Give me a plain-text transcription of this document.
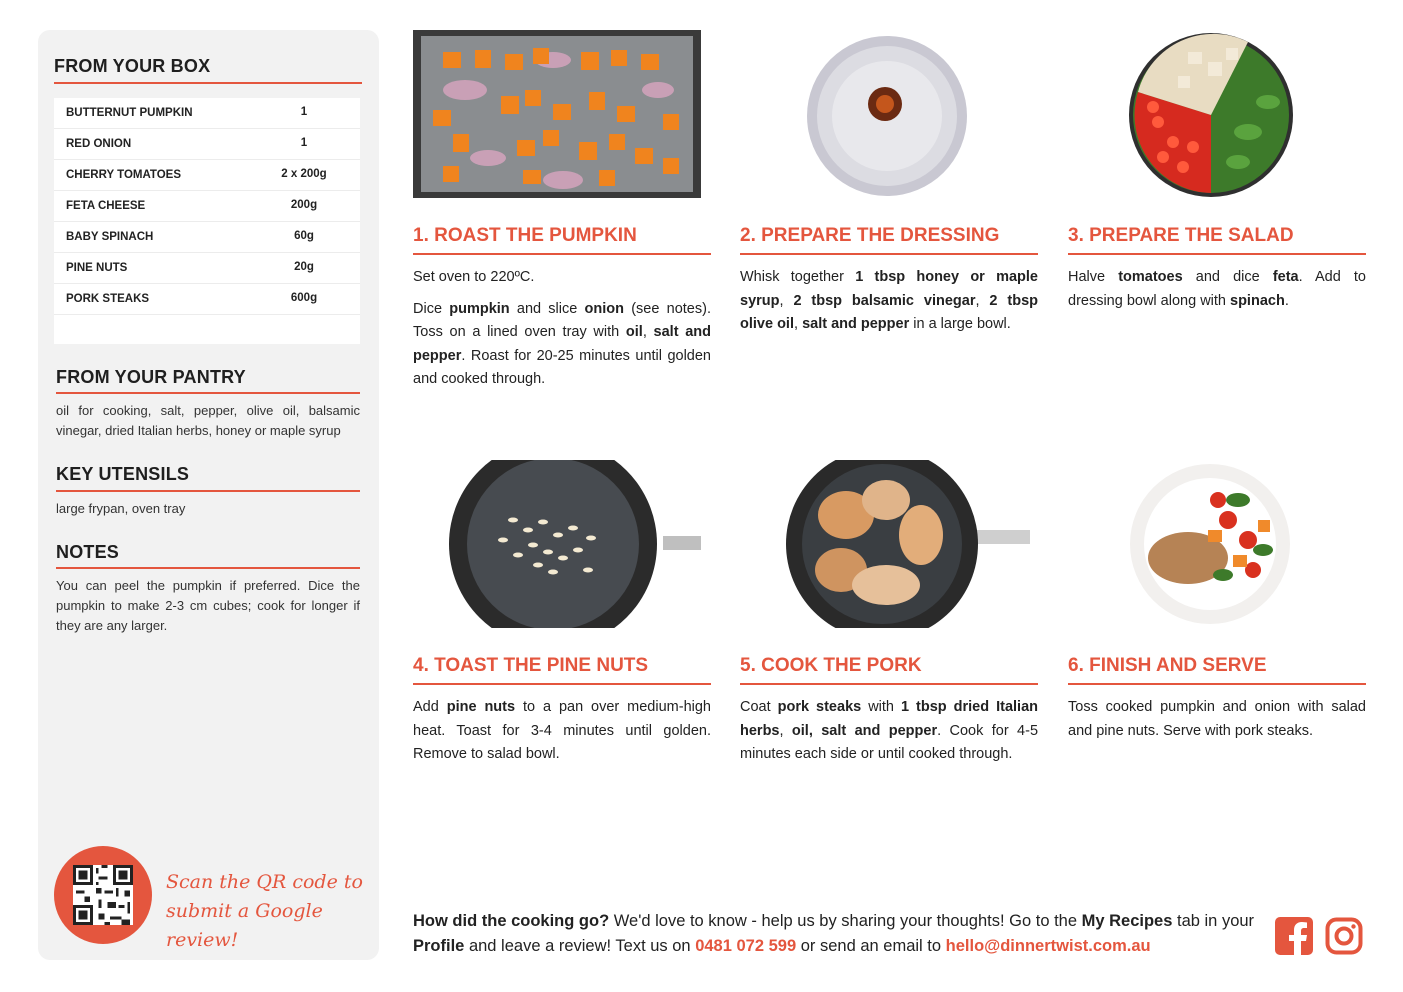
FROM YOUR BOX
BUTTERNUT PUMPKIN	1
RED ONION	1
CHERRY TOMATOES	2 x 200g
FETA CHEESE	200g
BABY SPINACH	60g
PINE NUTS	20g
PORK STEAKS	600g
FROM YOUR PANTRY
oil for cooking, salt, pepper, olive oil, balsamic vinegar, dried Italian herbs, honey or maple syrup
KEY UTENSILS
large frypan, oven tray
NOTES
You can peel the pumpkin if preferred. Dice the pumpkin to make 2-3 cm cubes; cook for longer if they are any larger.
Scan the QR code to
submit a Google review!
1. ROAST THE PUMPKIN

Set oven to 220ºC.

Dice pumpkin and slice onion (see notes). Toss on a lined oven tray with oil, salt and pepper. Roast for 20-25 minutes until golden and cooked through.

2. PREPARE THE DRESSING

Whisk together 1 tbsp honey or maple syrup, 2 tbsp balsamic vinegar, 2 tbsp olive oil, salt and pepper in a large bowl.

3. PREPARE THE SALAD

Halve tomatoes and dice feta. Add to dressing bowl along with spinach.

4. TOAST THE PINE NUTS

Add pine nuts to a pan over medium-high heat. Toast for 3-4 minutes until golden. Remove to salad bowl.

5. COOK THE PORK

Coat pork steaks with 1 tbsp dried Italian herbs, oil, salt and pepper. Cook for 4-5 minutes each side or until cooked through.

6. FINISH AND SERVE

Toss cooked pumpkin and onion with salad and pine nuts. Serve with pork steaks.

How did the cooking go? We'd love to know - help us by sharing your thoughts! Go to the My Recipes tab in your Profile and leave a review! Text us on 0481 072 599 or send an email to hello@dinnertwist.com.au
